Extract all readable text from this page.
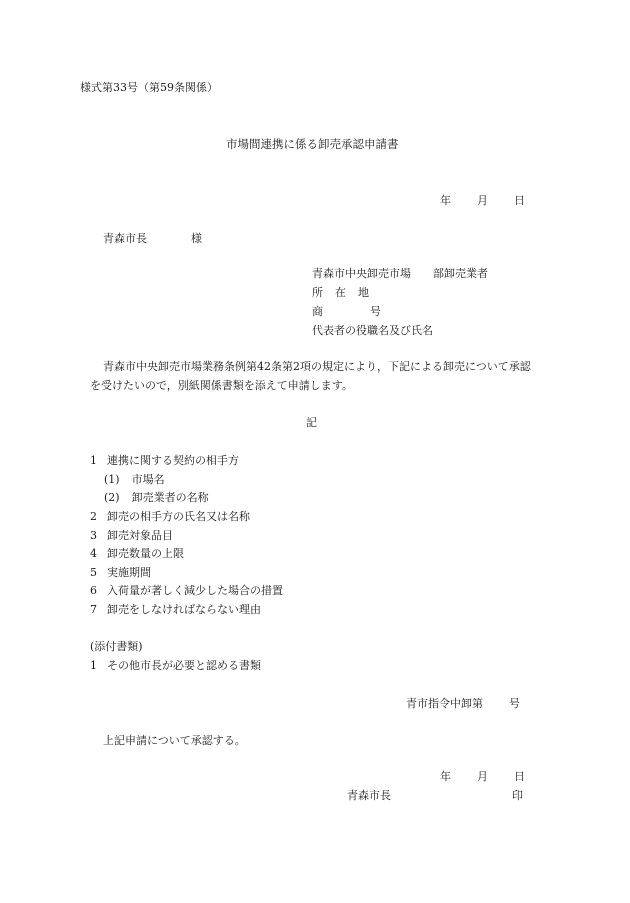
様式第33号（第59条関係）
市場間連携に係る卸売承認申請書
年 月 日
青森市長	様
青森市中央卸売市場 部卸売業者
所 在 地
商	号
代表者の役職名及び氏名
青森市中央卸売市場業務条例第42条第2項の規定により，下記による卸売について承認
を受けたいので，別紙関係書類を添えて申請します。
記
1 連携に関する契約の相手方
(1) 市場名
(2) 卸売業者の名称
2 卸売の相手方の氏名又は名称
3 卸売対象品目
4 卸売数量の上限
5 実施期間
6 入荷量が著しく減少した場合の措置
7 卸売をしなければならない理由
(添付書類)
1 その他市長が必要と認める書類
青市指令中卸第 号
上記申請について承認する。
年 月 日
青森市長	印
